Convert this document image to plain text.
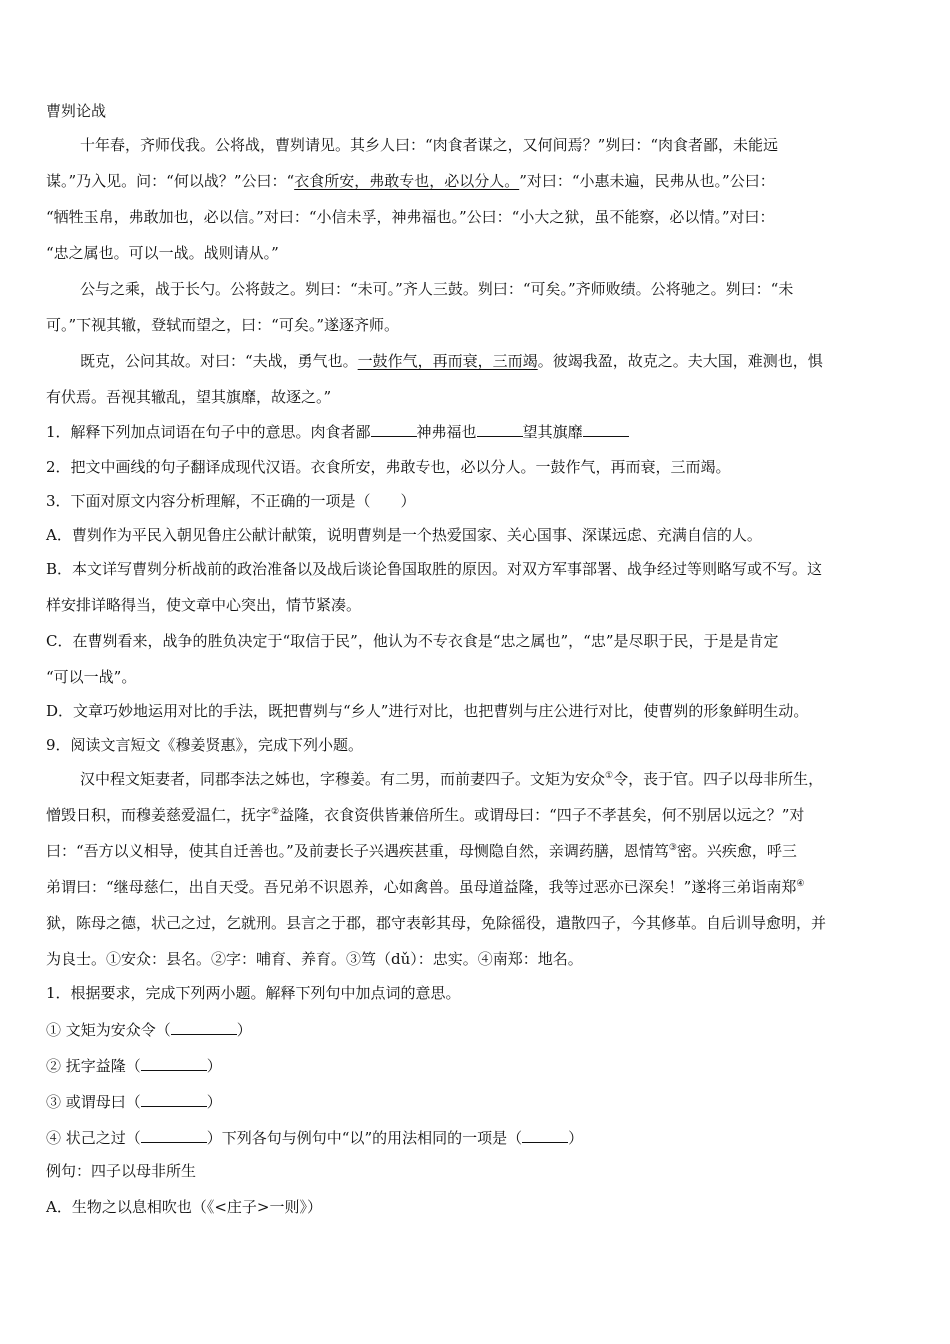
曹刿论战
十年春，齐师伐我。公将战，曹刿请见。其乡人曰：“肉食者谋之，又何间焉？”刿曰：“肉食者鄙，未能远
谋。”乃入见。问：“何以战？”公曰：“衣食所安，弗敢专也，必以分人。”对曰：“小惠未遍，民弗从也。”公曰：
“牺牲玉帛，弗敢加也，必以信。”对曰：“小信未孚，神弗福也。”公曰：“小大之狱，虽不能察，必以情。”对曰：
“忠之属也。可以一战。战则请从。”
公与之乘，战于长勺。公将鼓之。刿曰：“未可。”齐人三鼓。刿曰：“可矣。”齐师败绩。公将驰之。刿曰：“未
可。”下视其辙，登轼而望之，曰：“可矣。”遂逐齐师。
既克，公问其故。对曰：“夫战，勇气也。一鼓作气，再而衰，三而竭。彼竭我盈，故克之。夫大国，难测也，惧
有伏焉。吾视其辙乱，望其旗靡，故逐之。”
1．解释下列加点词语在句子中的意思。肉食者鄙	神弗福也	望其旗靡
2．把文中画线的句子翻译成现代汉语。衣食所安，弗敢专也，必以分人。一鼓作气，再而衰，三而竭。
3．下面对原文内容分析理解，不正确的一项是（　　）
A．曹刿作为平民入朝见鲁庄公献计献策，说明曹刿是一个热爱国家、关心国事、深谋远虑、充满自信的人。
B．本文详写曹刿分析战前的政治准备以及战后谈论鲁国取胜的原因。对双方军事部署、战争经过等则略写或不写。这
样安排详略得当，使文章中心突出，情节紧凑。
C．在曹刿看来，战争的胜负决定于“取信于民”，他认为不专衣食是“忠之属也”，“忠”是尽职于民，于是是肯定
“可以一战”。
D．文章巧妙地运用对比的手法，既把曹刿与“乡人”进行对比，也把曹刿与庄公进行对比，使曹刿的形象鲜明生动。
9．阅读文言短文《穆姜贤惠》，完成下列小题。
汉中程文矩妻者，同郡李法之姊也，字穆姜。有二男，而前妻四子。文矩为安众①令，丧于官。四子以母非所生，
憎毁日积，而穆姜慈爱温仁，抚字②益隆，衣食资供皆兼倍所生。或谓母曰：“四子不孝甚矣，何不别居以远之？”对
曰：“吾方以义相导，使其自迁善也。”及前妻长子兴遇疾甚重，母恻隐自然，亲调药膳，恩情笃③密。兴疾愈，呼三
弟谓曰：“继母慈仁，出自天受。吾兄弟不识恩养，心如禽兽。虽母道益隆，我等过恶亦已深矣！”遂将三弟诣南郑④
狱，陈母之德，状己之过，乞就刑。县言之于郡，郡守表彰其母，免除徭役，遣散四子，今其修革。自后训导愈明，并
为良士。①安众：县名。②字：哺育、养育。③笃（dǔ）：忠实。④南郑：地名。
1．根据要求，完成下列两小题。解释下列句中加点词的意思。
① 文矩为安众令（	）
② 抚字益隆（	）
③ 或谓母曰（	）
④ 状己之过（	）下列各句与例句中“以”的用法相同的一项是（	）
例句：四子以母非所生
A．生物之以息相吹也（《<庄子>一则》）
